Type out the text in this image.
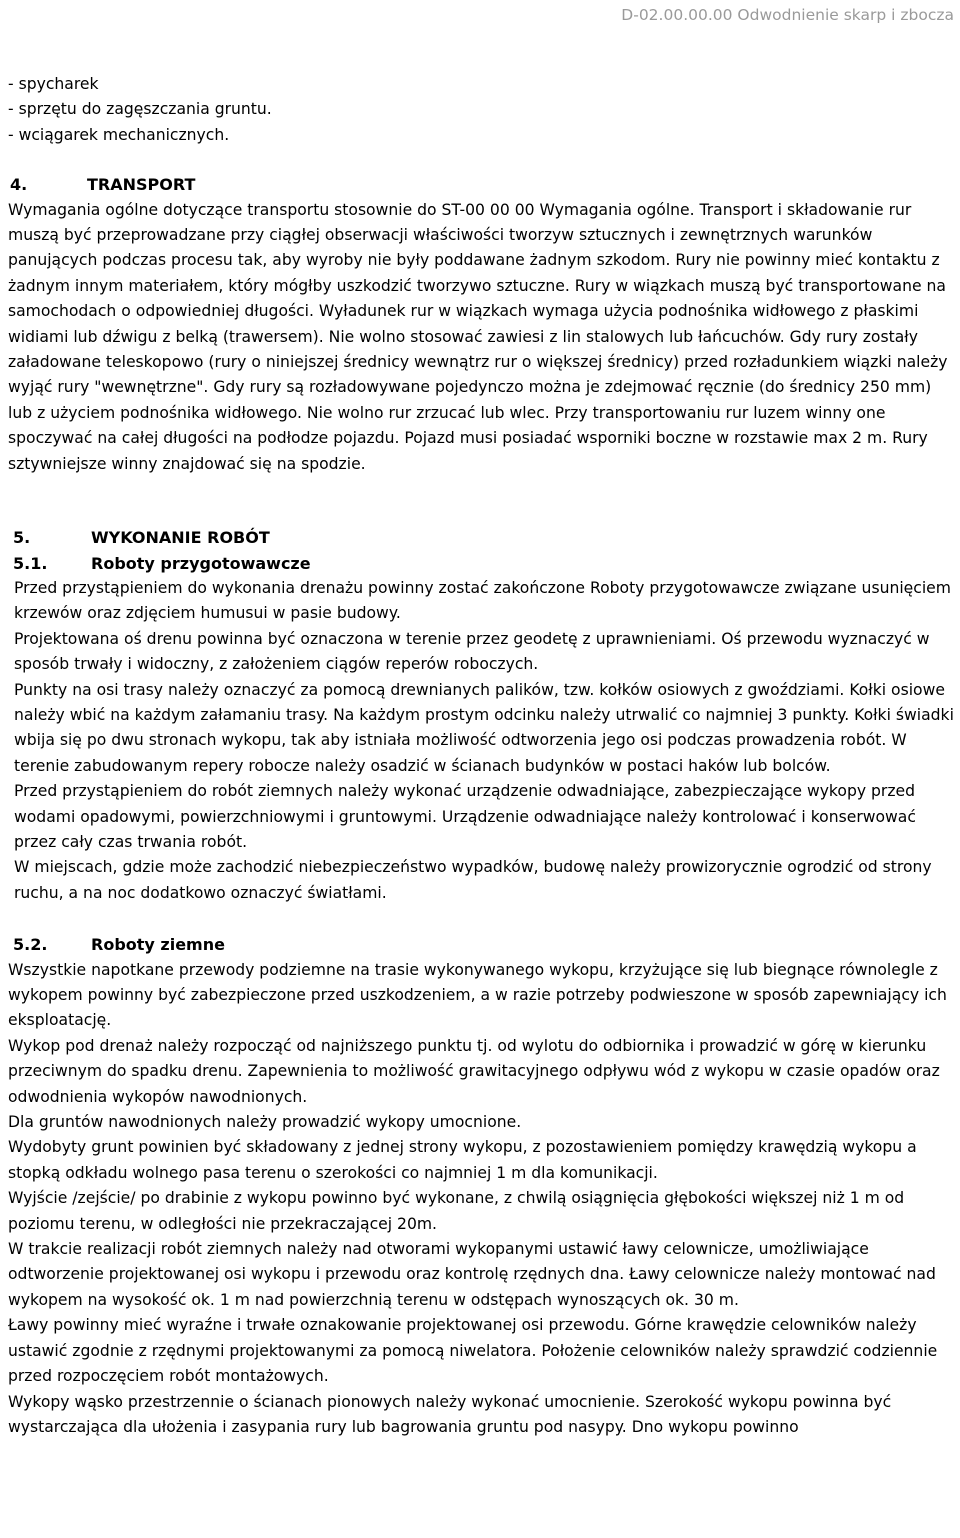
D-02.00.00.00 Odwodnienie skarp i zbocza
- spycharek
- sprzętu do zagęszczania gruntu.
- wciągarek mechanicznych.
4.	TRANSPORT

Wymagania ogólne dotyczące transportu stosownie do ST-00 00 00 Wymagania ogólne. Transport i składowanie rur muszą być przeprowadzane przy ciągłej obserwacji właściwości tworzyw sztucznych i zewnętrznych warunków panujących podczas procesu tak, aby wyroby nie były poddawane żadnym szkodom. Rury nie powinny mieć kontaktu z żadnym innym materiałem, który mógłby uszkodzić tworzywo sztuczne. Rury w wiązkach muszą być transportowane na samochodach o odpowiedniej długości. Wyładunek rur w wiązkach wymaga użycia podnośnika widłowego z płaskimi widiami lub dźwigu z belką (trawersem). Nie wolno stosować zawiesi z lin stalowych lub łańcuchów. Gdy rury zostały załadowane teleskopowo (rury o niniejszej średnicy wewnątrz rur o większej średnicy) przed rozładunkiem wiązki należy wyjąć rury "wewnętrzne". Gdy rury są rozładowywane pojedynczo można je zdejmować ręcznie (do średnicy 250 mm) lub z użyciem podnośnika widłowego. Nie wolno rur zrzucać lub wlec. Przy transportowaniu rur luzem winny one spoczywać na całej długości na podłodze pojazdu. Pojazd musi posiadać wsporniki boczne w rozstawie max 2 m. Rury sztywniejsze winny znajdować się na spodzie.

5.	WYKONANIE ROBÓT
5.1.	Roboty przygotowawcze

Przed przystąpieniem do wykonania drenażu powinny zostać zakończone Roboty przygotowawcze związane usunięciem krzewów oraz zdjęciem humusui w pasie budowy.

Projektowana oś drenu powinna być oznaczona w terenie przez geodetę z uprawnieniami. Oś przewodu wyznaczyć w sposób trwały i widoczny, z założeniem ciągów reperów roboczych.

Punkty na osi trasy należy oznaczyć za pomocą drewnianych palików, tzw. kołków osiowych z gwoździami. Kołki osiowe należy wbić na każdym załamaniu trasy. Na każdym prostym odcinku należy utrwalić co najmniej 3 punkty. Kołki świadki wbija się po dwu stronach wykopu, tak aby istniała możliwość odtworzenia jego osi podczas prowadzenia robót. W terenie zabudowanym repery robocze należy osadzić w ścianach budynków w postaci haków lub bolców.

Przed przystąpieniem do robót ziemnych należy wykonać urządzenie odwadniające, zabezpieczające wykopy przed wodami opadowymi, powierzchniowymi i gruntowymi. Urządzenie odwadniające należy kontrolować i konserwować przez cały czas trwania robót.

W miejscach, gdzie może zachodzić niebezpieczeństwo wypadków, budowę należy prowizorycznie ogrodzić od strony ruchu, a na noc dodatkowo oznaczyć światłami.

5.2.	Roboty ziemne

Wszystkie napotkane przewody podziemne na trasie wykonywanego wykopu, krzyżujące się lub biegnące równolegle z wykopem powinny być zabezpieczone przed uszkodzeniem, a w razie potrzeby podwieszone w sposób zapewniający ich eksploatację.

Wykop pod drenaż należy rozpocząć od najniższego punktu tj. od wylotu do odbiornika i prowadzić w górę w kierunku przeciwnym do spadku drenu. Zapewnienia to możliwość grawitacyjnego odpływu wód z wykopu w czasie opadów oraz odwodnienia wykopów nawodnionych.

Dla gruntów nawodnionych należy prowadzić wykopy umocnione.

Wydobyty grunt powinien być składowany z jednej strony wykopu, z pozostawieniem pomiędzy krawędzią wykopu a stopką odkładu wolnego pasa terenu o szerokości co najmniej 1 m dla komunikacji.

Wyjście /zejście/ po drabinie z wykopu powinno być wykonane, z chwilą osiągnięcia głębokości większej niż 1 m od poziomu terenu, w odległości nie przekraczającej 20m.

W trakcie realizacji robót ziemnych należy nad otworami wykopanymi ustawić ławy celownicze, umożliwiające odtworzenie projektowanej osi wykopu i przewodu oraz kontrolę rzędnych dna. Ławy celownicze należy montować nad wykopem na wysokość ok. 1 m nad powierzchnią terenu w odstępach wynoszących ok. 30 m.

Ławy powinny mieć wyraźne i trwałe oznakowanie projektowanej osi przewodu. Górne krawędzie celowników należy ustawić zgodnie z rzędnymi projektowanymi za pomocą niwelatora. Położenie celowników należy sprawdzić codziennie przed rozpoczęciem robót montażowych.

Wykopy wąsko przestrzennie o ścianach pionowych należy wykonać umocnienie. Szerokość wykopu powinna być wystarczająca dla ułożenia i zasypania rury lub bagrowania gruntu pod nasypy. Dno wykopu powinno
